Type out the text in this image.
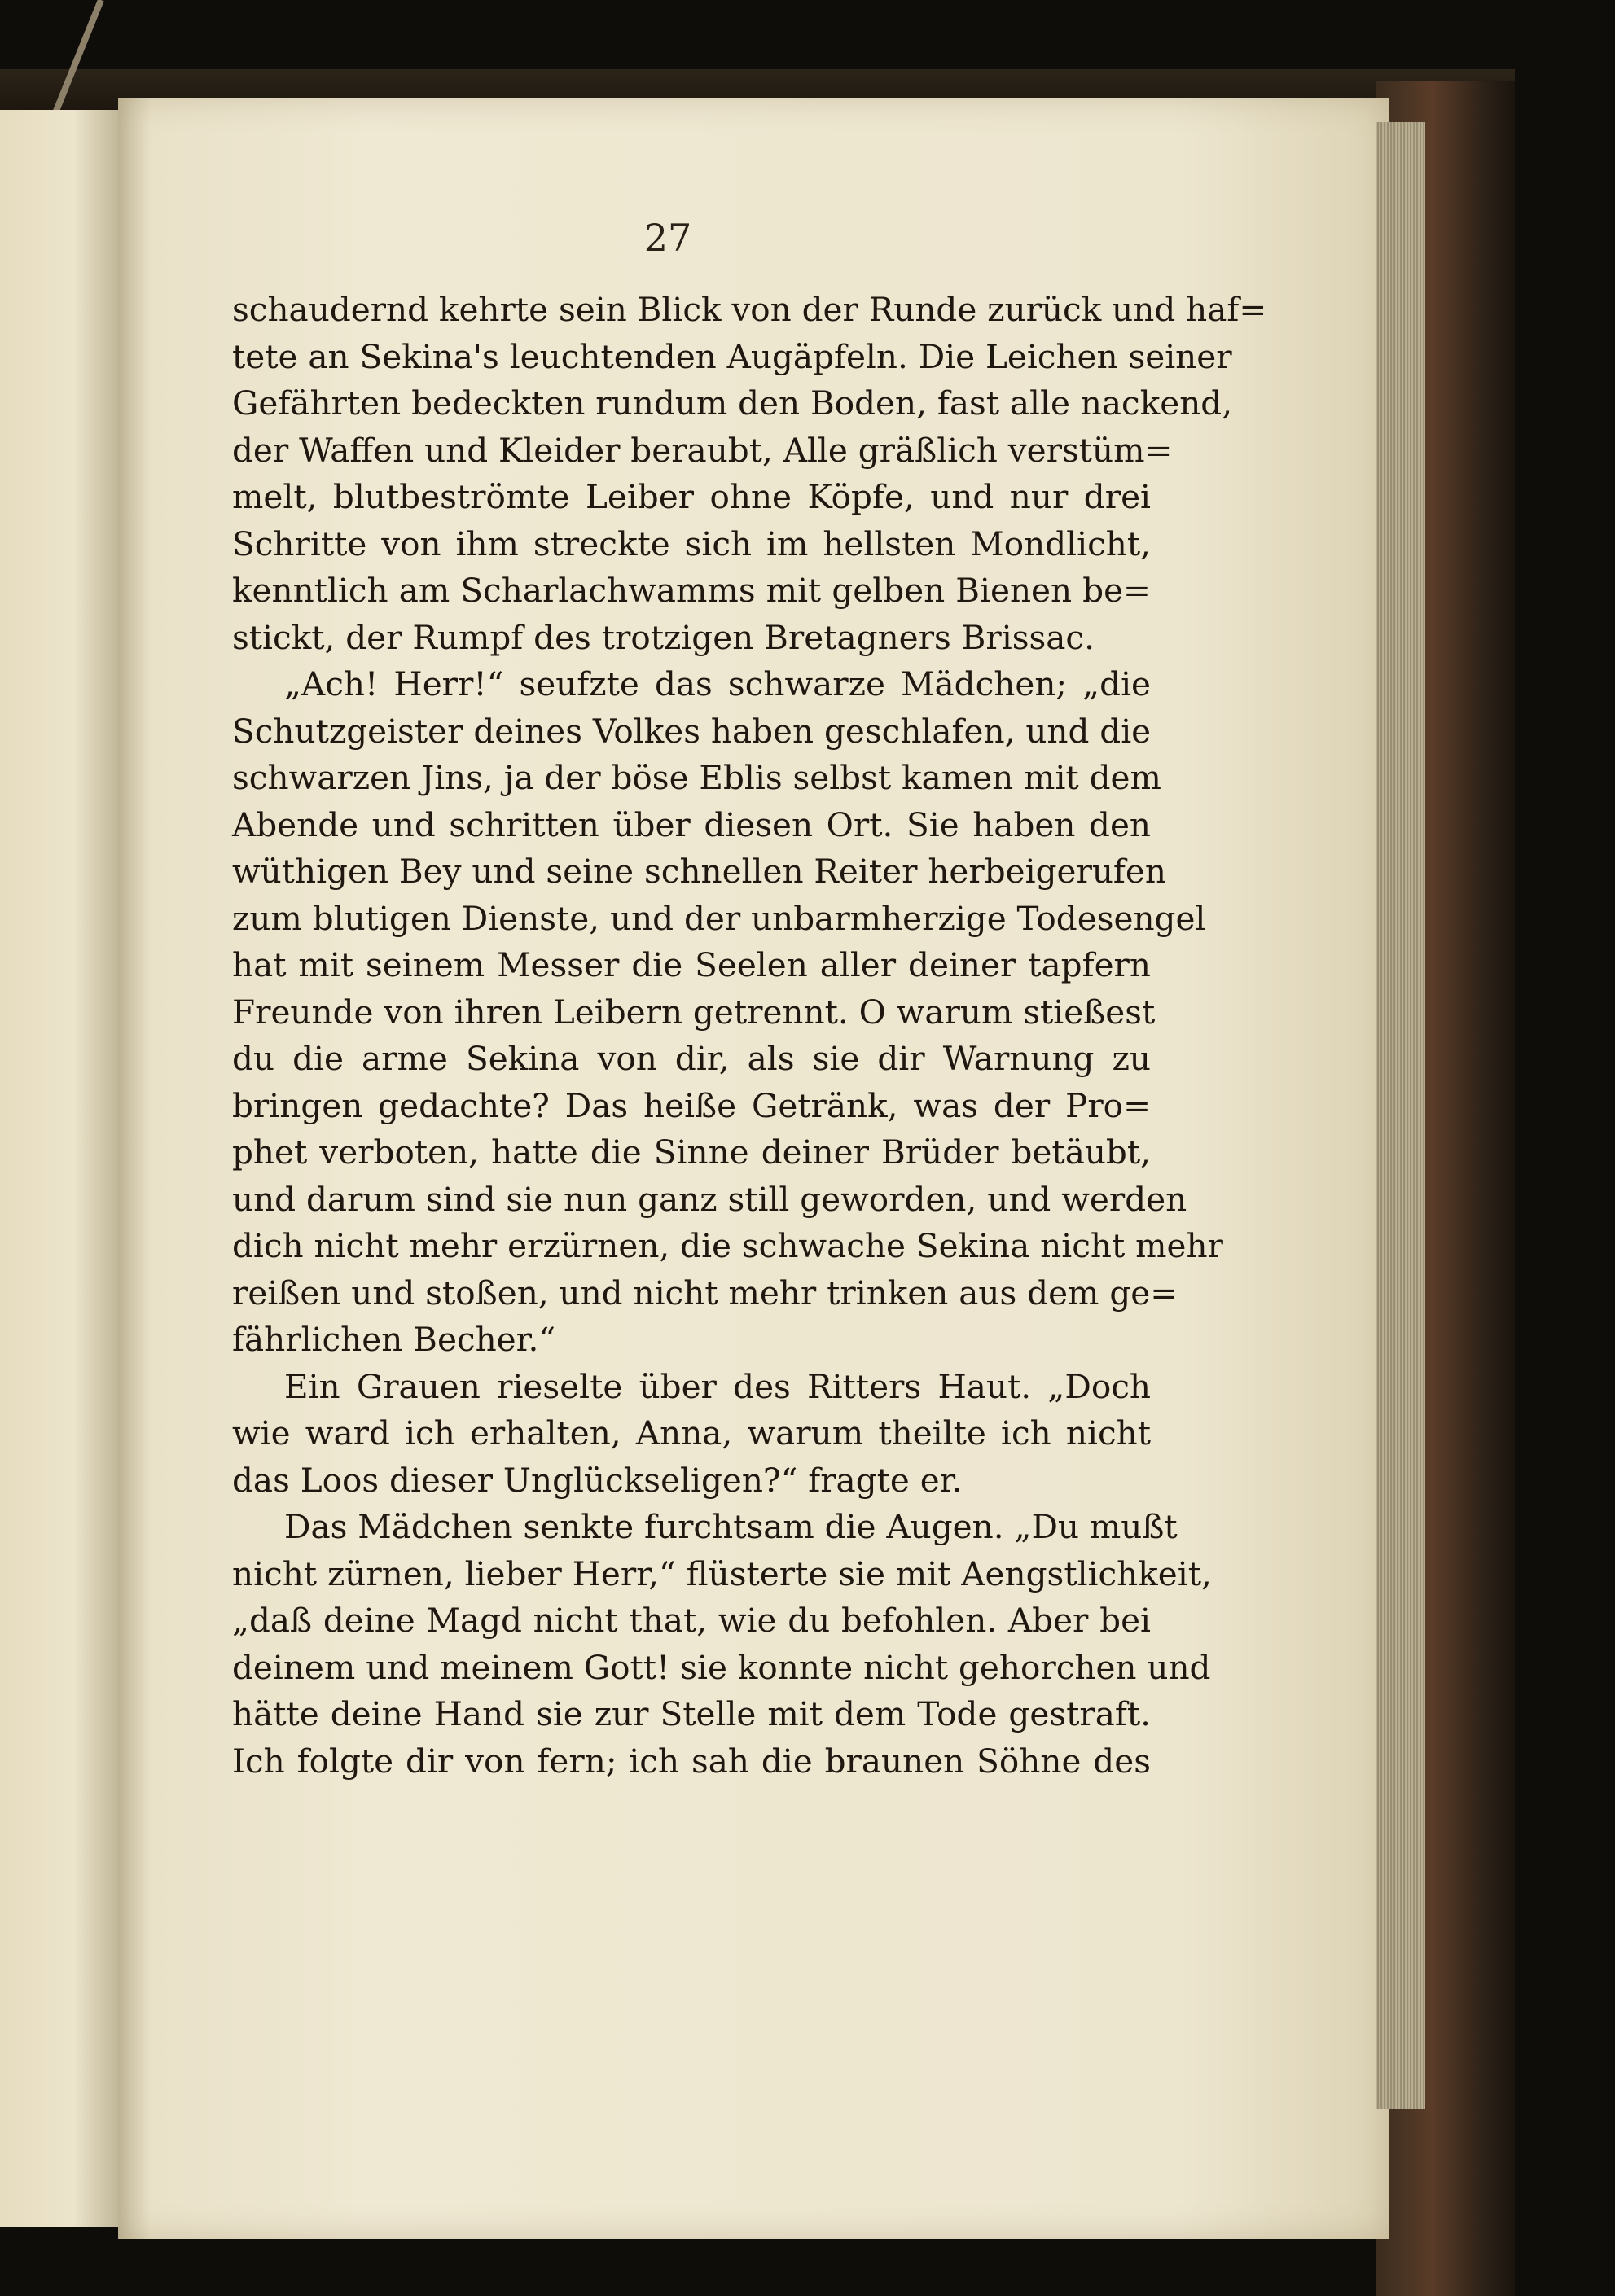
27
schaudernd kehrte sein Blick von der Runde zurück und haf=
tete an Sekina's leuchtenden Augäpfeln. Die Leichen seiner
Gefährten bedeckten rundum den Boden, fast alle nackend,
der Waffen und Kleider beraubt, Alle gräßlich verstüm=
melt, blutbeströmte Leiber ohne Köpfe, und nur drei
Schritte von ihm streckte sich im hellsten Mondlicht,
kenntlich am Scharlachwamms mit gelben Bienen be=
stickt, der Rumpf des trotzigen Bretagners Brissac.
„Ach! Herr!“ seufzte das schwarze Mädchen; „die
Schutzgeister deines Volkes haben geschlafen, und die
schwarzen Jins, ja der böse Eblis selbst kamen mit dem
Abende und schritten über diesen Ort. Sie haben den
wüthigen Bey und seine schnellen Reiter herbeigerufen
zum blutigen Dienste, und der unbarmherzige Todesengel
hat mit seinem Messer die Seelen aller deiner tapfern
Freunde von ihren Leibern getrennt. O warum stießest
du die arme Sekina von dir, als sie dir Warnung zu
bringen gedachte? Das heiße Getränk, was der Pro=
phet verboten, hatte die Sinne deiner Brüder betäubt,
und darum sind sie nun ganz still geworden, und werden
dich nicht mehr erzürnen, die schwache Sekina nicht mehr
reißen und stoßen, und nicht mehr trinken aus dem ge=
fährlichen Becher.“
Ein Grauen rieselte über des Ritters Haut. „Doch
wie ward ich erhalten, Anna, warum theilte ich nicht
das Loos dieser Unglückseligen?“ fragte er.
Das Mädchen senkte furchtsam die Augen. „Du mußt
nicht zürnen, lieber Herr,“ flüsterte sie mit Aengstlichkeit,
„daß deine Magd nicht that, wie du befohlen. Aber bei
deinem und meinem Gott! sie konnte nicht gehorchen und
hätte deine Hand sie zur Stelle mit dem Tode gestraft.
Ich folgte dir von fern; ich sah die braunen Söhne des
